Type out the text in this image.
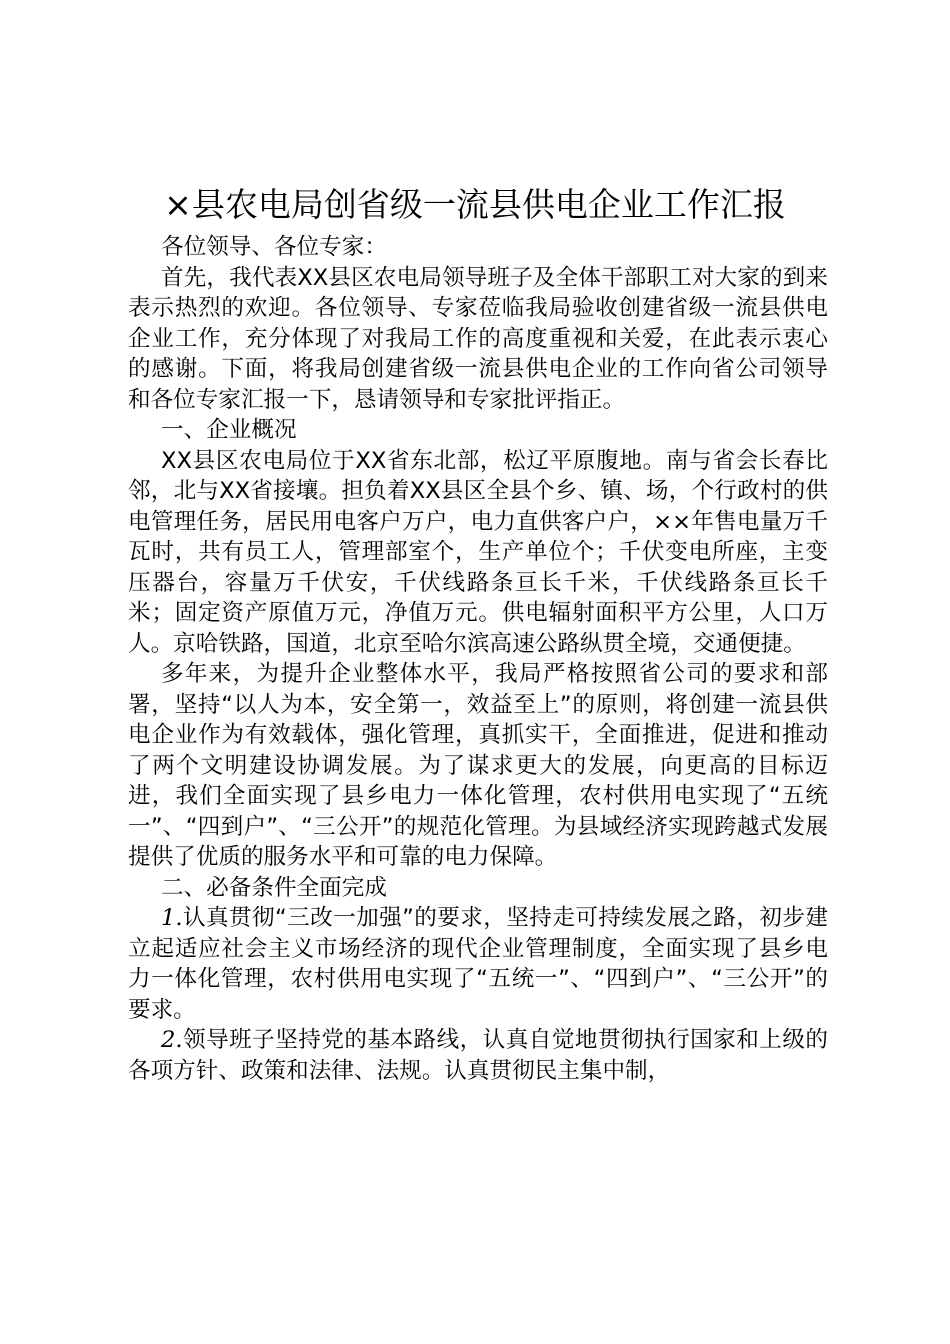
×县农电局创省级一流县供电企业工作汇报

各位领导、各位专家：

首先，我代表XX县区农电局领导班子及全体干部职工对大家的到来表示热烈的欢迎。各位领导、专家莅临我局验收创建省级一流县供电企业工作，充分体现了对我局工作的高度重视和关爱，在此表示衷心的感谢。下面，将我局创建省级一流县供电企业的工作向省公司领导和各位专家汇报一下，恳请领导和专家批评指正。

一、企业概况

XX县区农电局位于XX省东北部，松辽平原腹地。南与省会长春比邻，北与XX省接壤。担负着XX县区全县个乡、镇、场，个行政村的供电管理任务，居民用电客户万户，电力直供客户户，××年售电量万千瓦时，共有员工人，管理部室个，生产单位个；千伏变电所座，主变压器台，容量万千伏安，千伏线路条亘长千米，千伏线路条亘长千米；固定资产原值万元，净值万元。供电辐射面积平方公里，人口万人。京哈铁路，国道，北京至哈尔滨高速公路纵贯全境，交通便捷。

多年来，为提升企业整体水平，我局严格按照省公司的要求和部署，坚持“以人为本，安全第一，效益至上”的原则，将创建一流县供电企业作为有效载体，强化管理，真抓实干，全面推进，促进和推动了两个文明建设协调发展。为了谋求更大的发展，向更高的目标迈进，我们全面实现了县乡电力一体化管理，农村供用电实现了“五统一”、“四到户”、“三公开”的规范化管理。为县域经济实现跨越式发展提供了优质的服务水平和可靠的电力保障。

二、必备条件全面完成

1.认真贯彻“三改一加强”的要求，坚持走可持续发展之路，初步建立起适应社会主义市场经济的现代企业管理制度，全面实现了县乡电力一体化管理，农村供用电实现了“五统一”、“四到户”、“三公开”的要求。

2.领导班子坚持党的基本路线，认真自觉地贯彻执行国家和上级的各项方针、政策和法律、法规。认真贯彻民主集中制，
